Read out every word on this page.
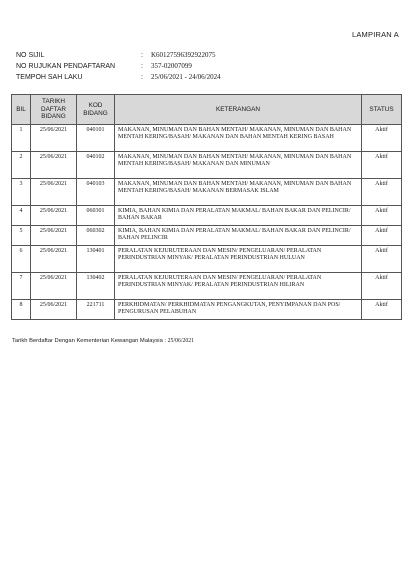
LAMPIRAN A
NO SIJIL	:	K60127596392922075
NO RUJUKAN PENDAFTARAN	:	357-02007099
TEMPOH SAH LAKU	:	25/06/2021 - 24/06/2024
BIL	TARIKH DAFTAR BIDANG	KOD BIDANG	KETERANGAN	STATUS
1	25/06/2021	040101	MAKANAN, MINUMAN DAN BAHAN MENTAH/ MAKANAN, MINUMAN DAN BAHAN MENTAH KERING/BASAH/ MAKANAN DAN BAHAN MENTAH KERING BASAH	Aktif
2	25/06/2021	040102	MAKANAN, MINUMAN DAN BAHAN MENTAH/ MAKANAN, MINUMAN DAN BAHAN MENTAH KERING/BASAH/ MAKANAN DAN MINUMAN	Aktif
3	25/06/2021	040103	MAKANAN, MINUMAN DAN BAHAN MENTAH/ MAKANAN, MINUMAN DAN BAHAN MENTAH KERING/BASAH/ MAKANAN BERMASAK ISLAM	Aktif
4	25/06/2021	060301	KIMIA, BAHAN KIMIA DAN PERALATAN MAKMAL/ BAHAN BAKAR DAN PELINCIR/ BAHAN BAKAR	Aktif
5	25/06/2021	060302	KIMIA, BAHAN KIMIA DAN PERALATAN MAKMAL/ BAHAN BAKAR DAN PELINCIR/ BAHAN PELINCIR	Aktif
6	25/06/2021	130401	PERALATAN KEJURUTERAAN DAN MESIN/ PENGELUARAN/ PERALATAN PERINDUSTRIAN MINYAK/ PERALATAN PERINDUSTRIAN HULUAN	Aktif
7	25/06/2021	130402	PERALATAN KEJURUTERAAN DAN MESIN/ PENGELUARAN/ PERALATAN PERINDUSTRIAN MINYAK/ PERALATAN PERINDUSTRIAN HILIRAN	Aktif
8	25/06/2021	221711	PERKHIDMATAN/ PERKHIDMATAN PENGANGKUTAN, PENYIMPANAN DAN POS/ PENGURUSAN PELABUHAN	Aktif
Tarikh Berdaftar Dengan Kementerian Kewangan Malaysia : 25/06/2021
